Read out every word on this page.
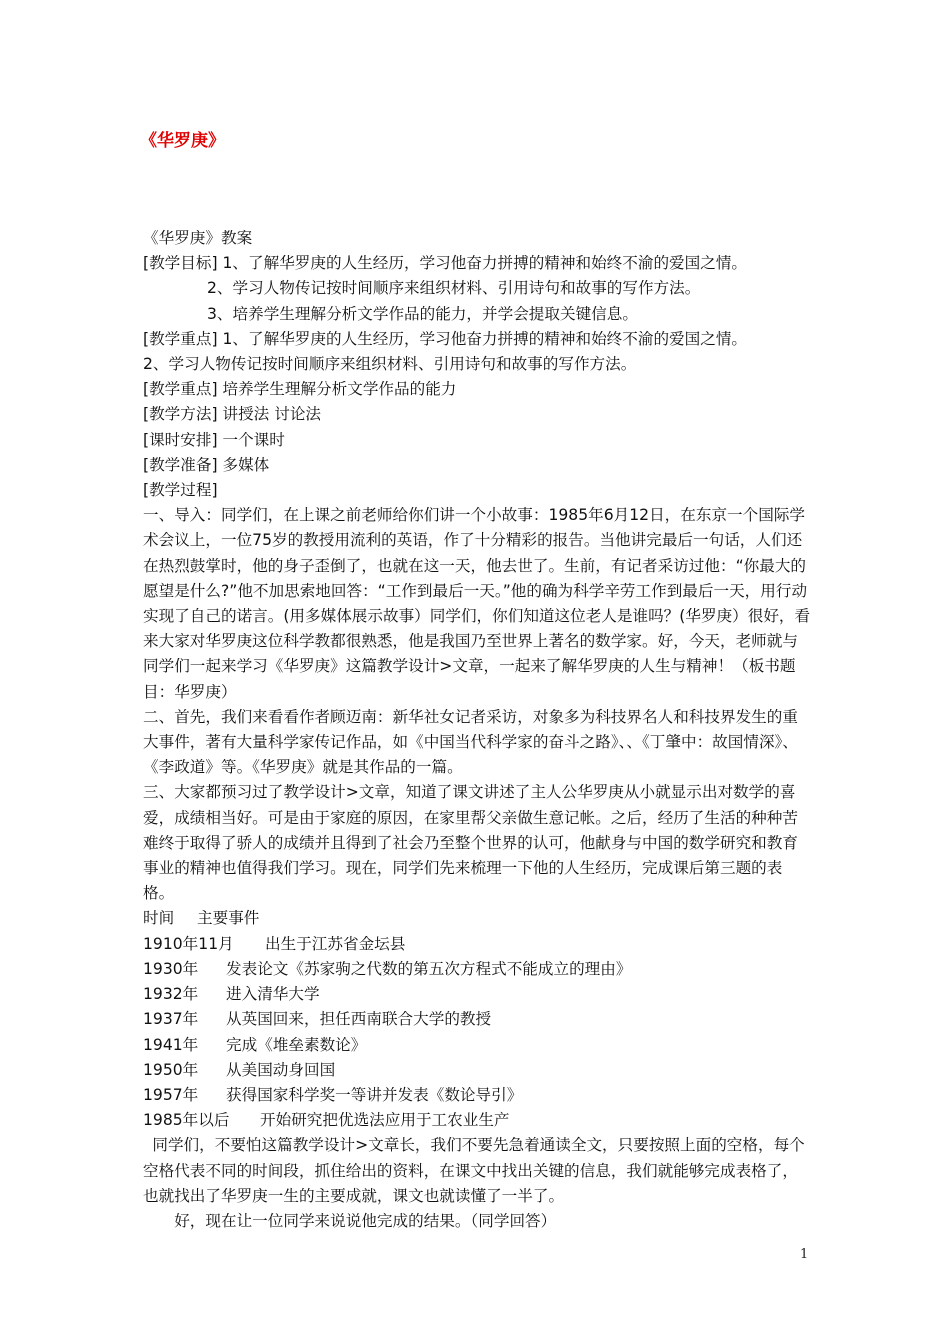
《华罗庚》

《华罗庚》教案

[教学目标] 1、了解华罗庚的人生经历，学习他奋力拼搏的精神和始终不渝的爱国之情。

2、学习人物传记按时间顺序来组织材料、引用诗句和故事的写作方法。

3、培养学生理解分析文学作品的能力，并学会提取关键信息。

[教学重点] 1、了解华罗庚的人生经历，学习他奋力拼搏的精神和始终不渝的爱国之情。

2、学习人物传记按时间顺序来组织材料、引用诗句和故事的写作方法。

[教学重点] 培养学生理解分析文学作品的能力

[教学方法] 讲授法 讨论法

[课时安排] 一个课时

[教学准备] 多媒体

[教学过程]

一、导入：同学们，在上课之前老师给你们讲一个小故事：1985年6月12日，在东京一个国际学术会议上，一位75岁的教授用流利的英语，作了十分精彩的报告。当他讲完最后一句话，人们还在热烈鼓掌时，他的身子歪倒了，也就在这一天，他去世了。生前，有记者采访过他：“你最大的愿望是什么?”他不加思索地回答：“工作到最后一天。”他的确为科学辛劳工作到最后一天，用行动实现了自己的诺言。(用多媒体展示故事）同学们，你们知道这位老人是谁吗？(华罗庚）很好，看来大家对华罗庚这位科学教都很熟悉，他是我国乃至世界上著名的数学家。好，今天，老师就与同学们一起来学习《华罗庚》这篇教学设计>文章，一起来了解华罗庚的人生与精神！（板书题目：华罗庚）

二、首先，我们来看看作者顾迈南：新华社女记者采访，对象多为科技界名人和科技界发生的重大事件，著有大量科学家传记作品，如《中国当代科学家的奋斗之路》、、《丁肇中：故国情深》、《李政道》等。《华罗庚》就是其作品的一篇。

三、大家都预习过了教学设计>文章，知道了课文讲述了主人公华罗庚从小就显示出对数学的喜爱，成绩相当好。可是由于家庭的原因，在家里帮父亲做生意记帐。之后，经历了生活的种种苦难终于取得了骄人的成绩并且得到了社会乃至整个世界的认可，他献身与中国的数学研究和教育事业的精神也值得我们学习。现在，同学们先来梳理一下他的人生经历，完成课后第三题的表格。

时间	主要事件
1910年11月	出生于江苏省金坛县
1930年	发表论文《苏家驹之代数的第五次方程式不能成立的理由》
1932年	进入清华大学
1937年	从英国回来，担任西南联合大学的教授
1941年	完成《堆垒素数论》
1950年	从美国动身回国
1957年	获得国家科学奖一等讲并发表《数论导引》
1985年以后	开始研究把优选法应用于工农业生产

同学们，不要怕这篇教学设计>文章长，我们不要先急着通读全文，只要按照上面的空格，每个空格代表不同的时间段，抓住给出的资料，在课文中找出关键的信息，我们就能够完成表格了，也就找出了华罗庚一生的主要成就，课文也就读懂了一半了。

好，现在让一位同学来说说他完成的结果。（同学回答）

1
